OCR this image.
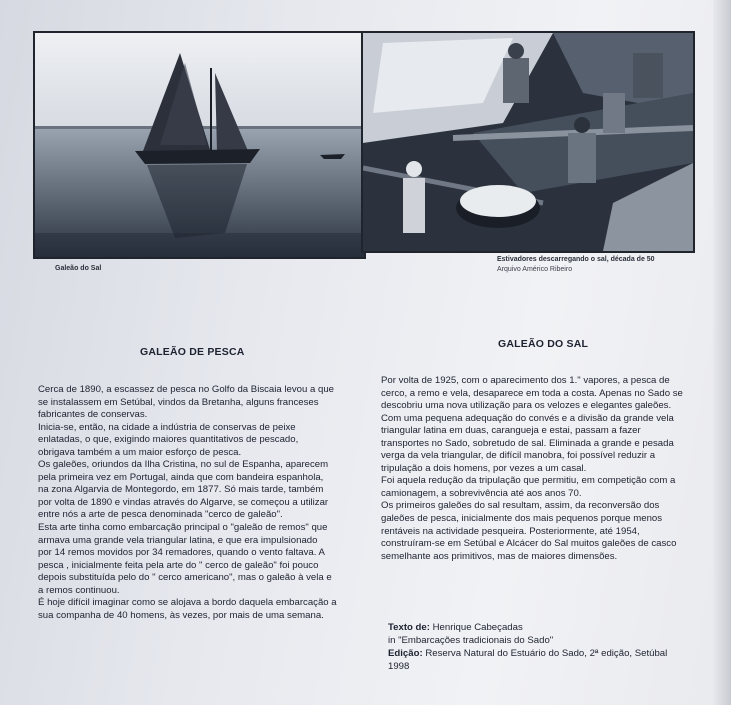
Galeão do Sal
Estivadores descarregando o sal, década de 50
Arquivo Américo Ribeiro
GALEÃO DE PESCA
GALEÃO DO SAL
Cerca de 1890, a escassez de pesca no Golfo da Biscaia levou a que
se instalassem em Setúbal, vindos da Bretanha, alguns franceses
fabricantes de conservas.
Inicia-se, então, na cidade a indústria de conservas de peixe
enlatadas, o que, exigindo maiores quantitativos de pescado,
obrigava também a um maior esforço de pesca.
Os galeões, oriundos da Ilha Cristina, no sul de Espanha, aparecem
pela primeira vez em Portugal, ainda que com bandeira espanhola,
na zona Algarvia de Montegordo, em 1877. Só mais tarde, também
por volta de 1890 e vindas através do Algarve, se começou a utilizar
entre nós a arte de pesca denominada "cerco de galeão".
Esta arte tinha como embarcação principal o "galeão de remos" que
armava uma grande vela triangular latina, e que era impulsionado
por 14 remos movidos por 34 remadores, quando o vento faltava. A
pesca , inicialmente feita pela arte do " cerco de galeão" foi pouco
depois substituída pelo do " cerco americano", mas o galeão à vela e
a remos continuou.
É hoje difícil imaginar como se alojava a bordo daquela embarcação a
sua companha de 40 homens, às vezes, por mais de uma semana.
Por volta de 1925, com o aparecimento dos 1." vapores, a pesca de
cerco, a remo e vela, desaparece em toda a costa. Apenas no Sado se
descobriu uma nova utilização para os velozes e elegantes galeões.
Com uma pequena adequação do convés e a divisão da grande vela
triangular latina em duas, carangueja e estai, passam a fazer
transportes no Sado, sobretudo de sal. Eliminada a grande e pesada
verga da vela triangular, de difícil manobra, foi possível reduzir a
tripulação a dois homens, por vezes a um casal.
Foi aquela redução da tripulação que permitiu, em competição com a
camionagem, a sobrevivência até aos anos 70.
Os primeiros galeões do sal resultam, assim, da reconversão dos
galeões de pesca, inicialmente dos mais pequenos porque menos
rentáveis na actividade pesqueira. Posteriormente, até 1954,
construíram-se em Setúbal e Alcácer do Sal muitos galeões de casco
semelhante aos primitivos, mas de maiores dimensões.
Texto de: Henrique Cabeçadas
in "Embarcações tradicionais do Sado"
Edição: Reserva Natural do Estuário do Sado, 2ª edição, Setúbal
1998
